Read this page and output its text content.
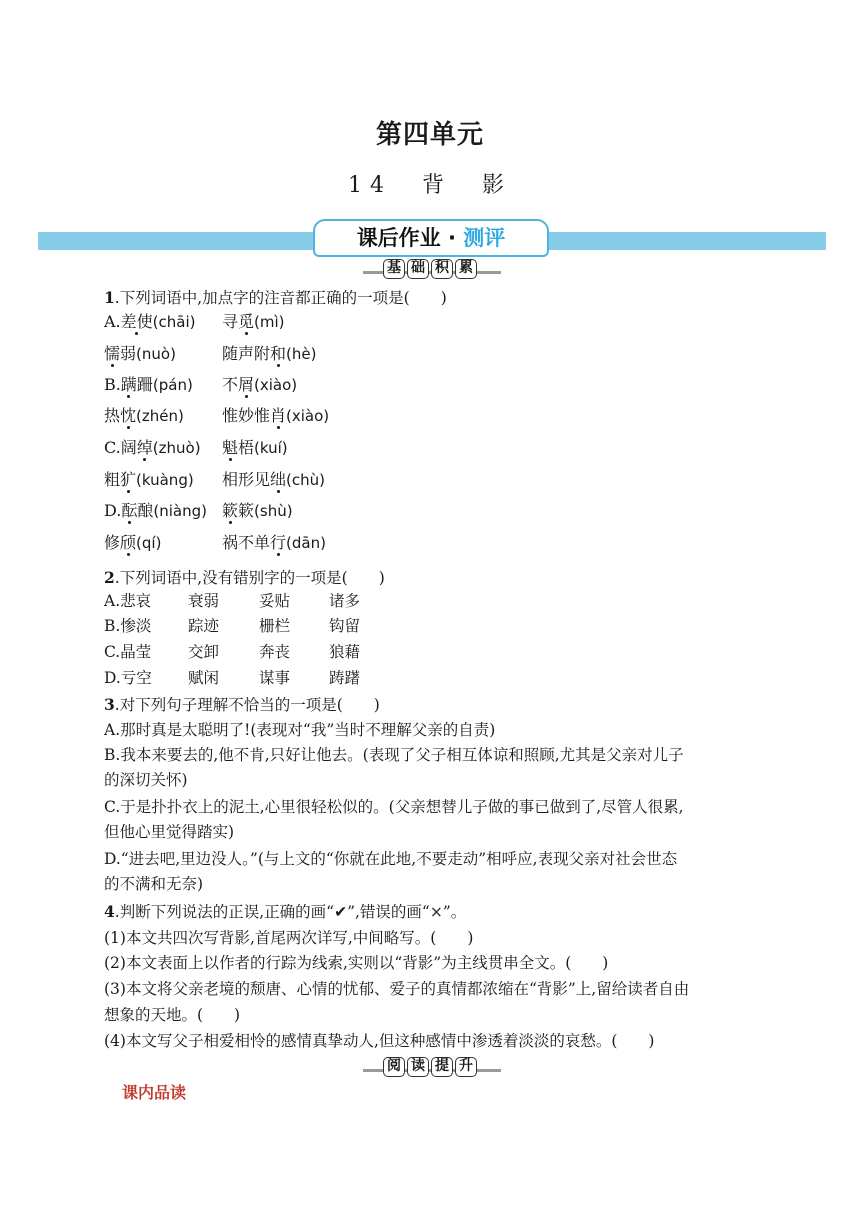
第四单元
14　背　影
课后作业 · 测评
基 础 积 累
1.下列词语中,加点字的注音都正确的一项是(　　)
A.差使(chāi) 寻觅(mì)
懦弱(nuò)	随声附和(hè)
B.蹒跚(pán) 不屑(xiào)
热忱(zhén) 惟妙惟肖(xiào)
C.阔绰(zhuò) 魁梧(kuí)
粗犷(kuàng) 相形见绌(chù)
D.酝酿(niàng) 簌簌(shù)
修颀(qí)	祸不单行(dān)
2.下列词语中,没有错别字的一项是(　　)
A.悲哀 衰弱	妥贴	诸多
B.惨淡 踪迹	栅栏	钩留
C.晶莹 交卸	奔丧	狼藉
D.亏空 赋闲	谋事	踌躇
3.对下列句子理解不恰当的一项是(　　)
A.那时真是太聪明了!(表现对“我”当时不理解父亲的自责)
B.我本来要去的,他不肯,只好让他去。(表现了父子相互体谅和照顾,尤其是父亲对儿子
的深切关怀)
C.于是扑扑衣上的泥土,心里很轻松似的。(父亲想替儿子做的事已做到了,尽管人很累,
但他心里觉得踏实)
D.“进去吧,里边没人。”(与上文的“你就在此地,不要走动”相呼应,表现父亲对社会世态
的不满和无奈)
4.判断下列说法的正误,正确的画“✔”,错误的画“×”。
(1)本文共四次写背影,首尾两次详写,中间略写。(　　)
(2)本文表面上以作者的行踪为线索,实则以“背影”为主线贯串全文。(　　)
(3)本文将父亲老境的颓唐、心情的忧郁、爱子的真情都浓缩在“背影”上,留给读者自由
想象的天地。(　　)
(4)本文写父子相爱相怜的感情真挚动人,但这种感情中渗透着淡淡的哀愁。(　　)
阅 读 提 升
课内品读
